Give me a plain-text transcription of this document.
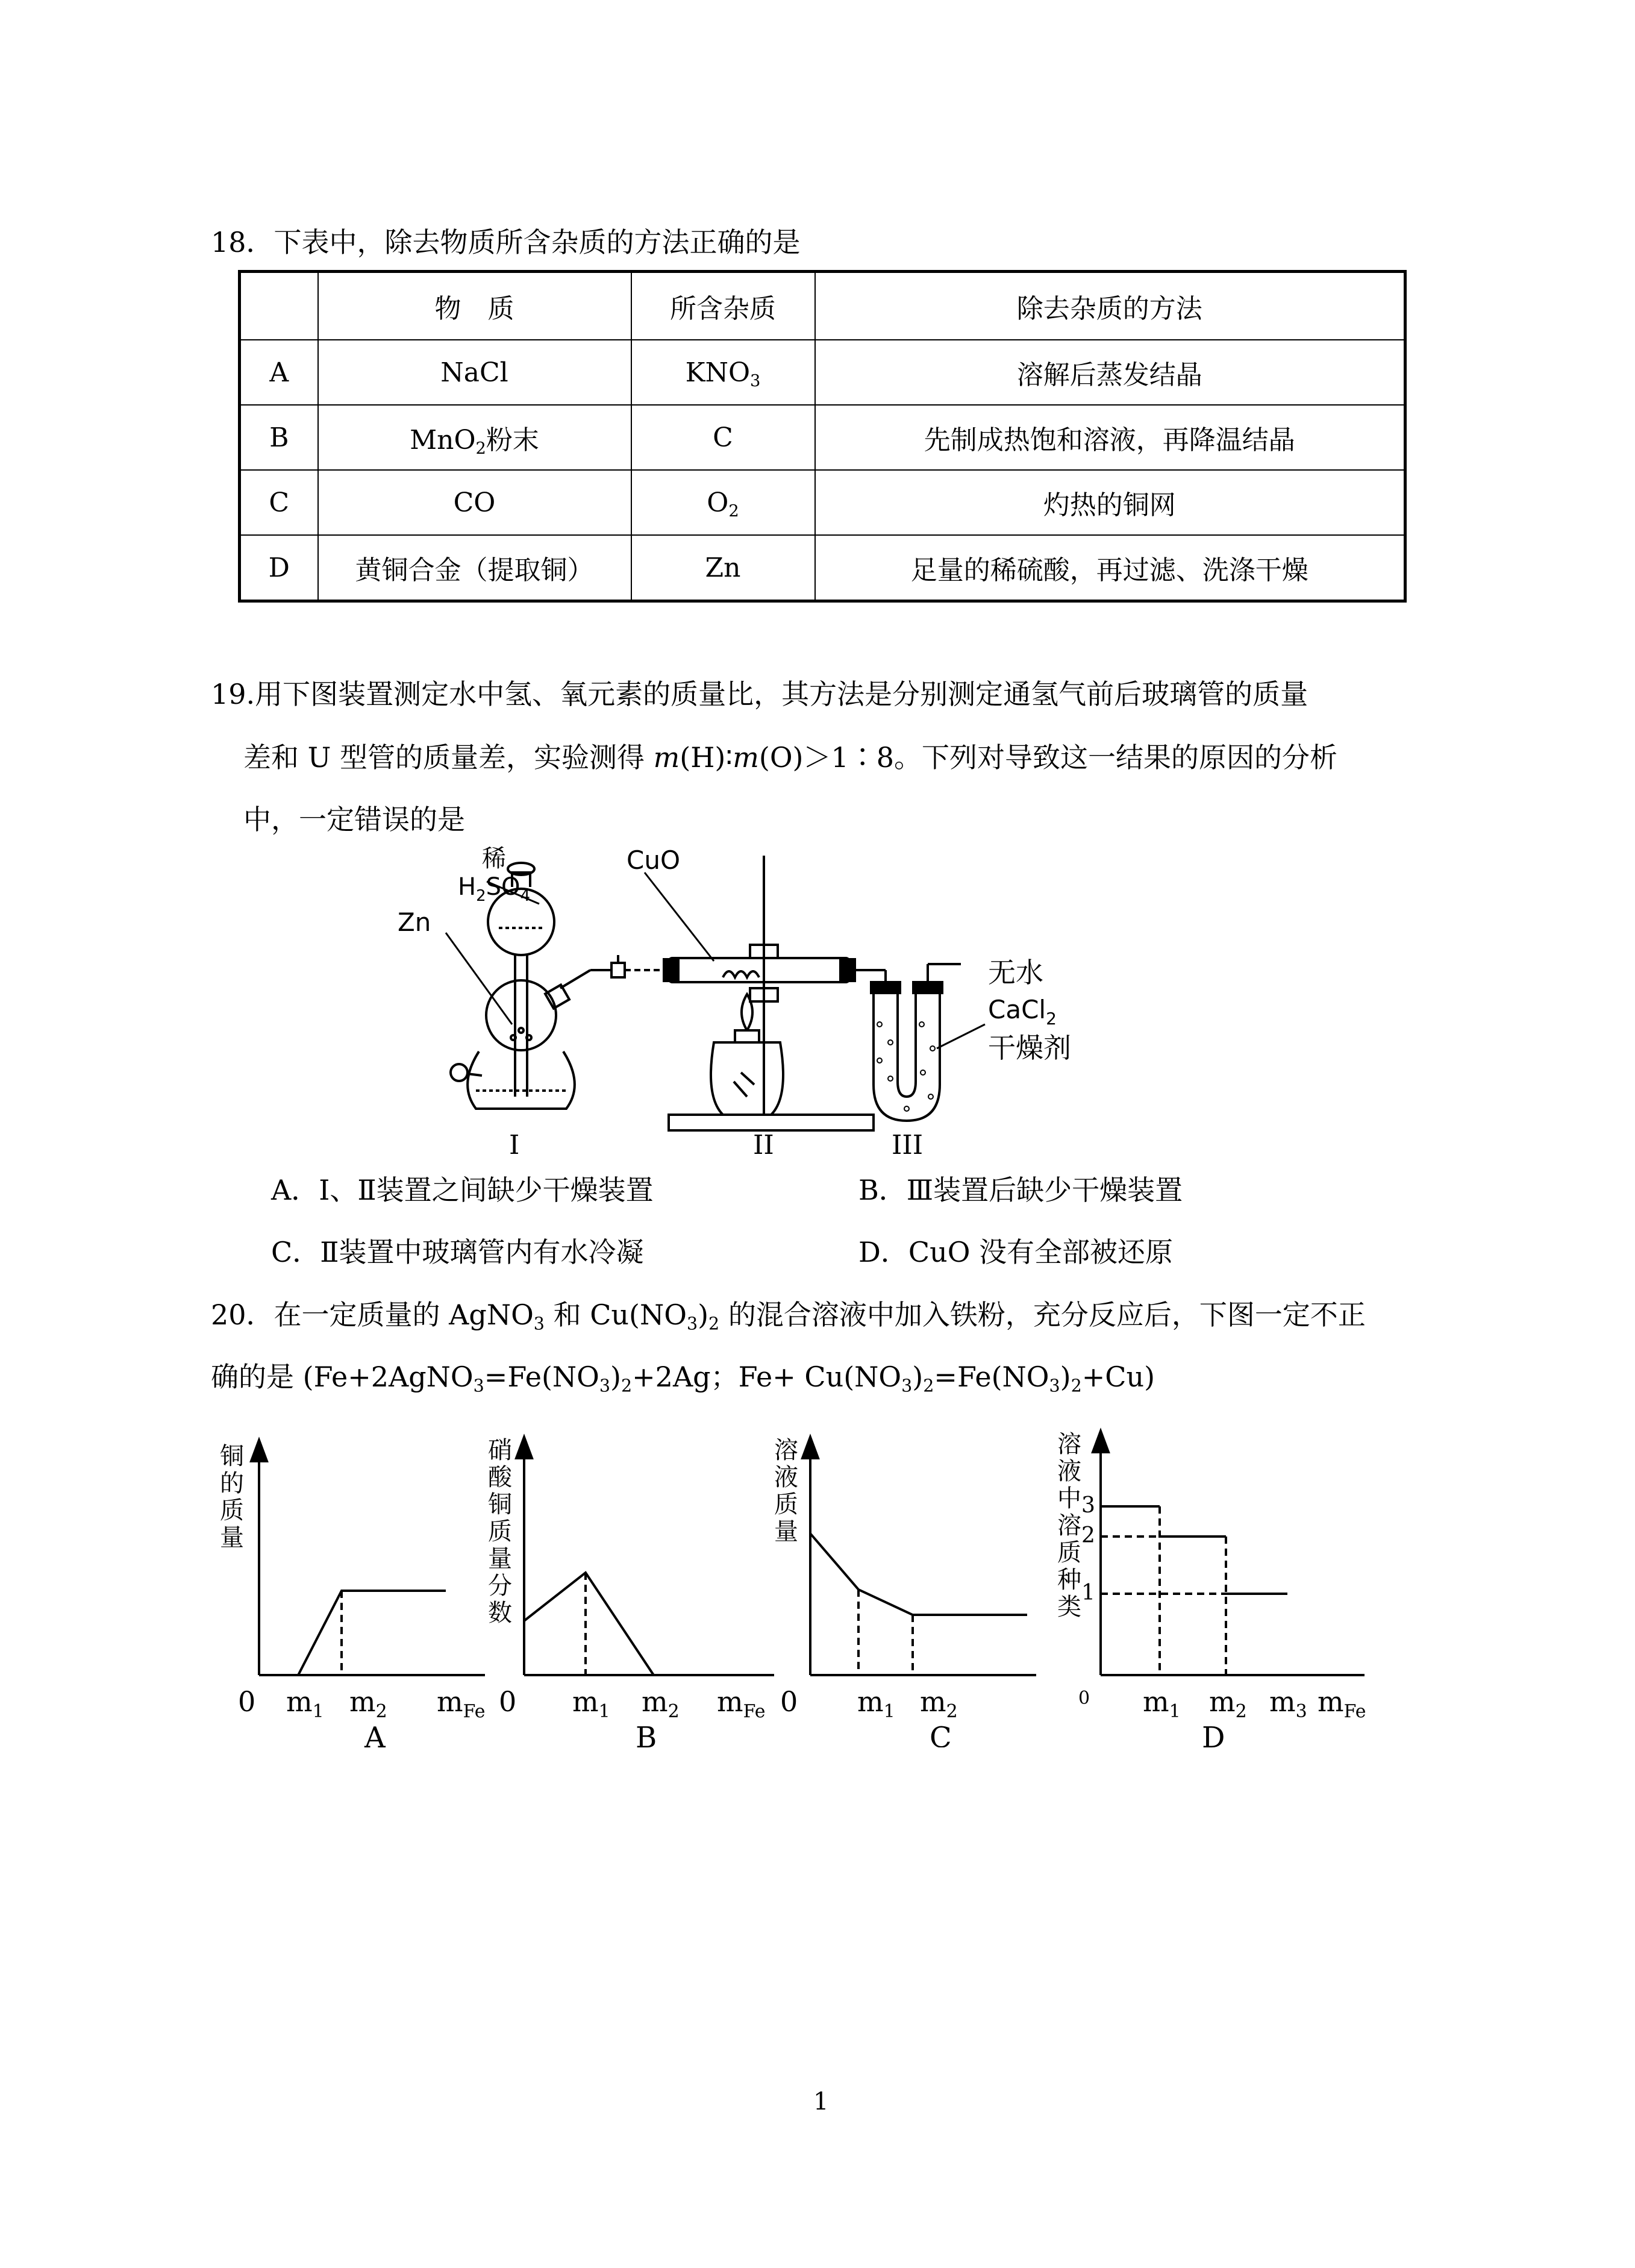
18．下表中，除去物质所含杂质的方法正确的是
	物　质	所含杂质	除去杂质的方法
A	NaCl	$KNO_3$	溶解后蒸发结晶
B	MnO$_2$粉末	C	先制成热饱和溶液，再降温结晶
C	CO	$O_2$	灼热的铜网
D	黄铜合金（提取铜）	Zn	足量的稀硫酸，再过滤、洗涤干燥
19.用下图装置测定水中氢、氧元素的质量比，其方法是分别测定通氢气前后玻璃管的质量
差和 U 型管的质量差，实验测得 m(H)∶m(O)＞1∶8。下列对导致这一结果的原因的分析
中，一定错误的是
稀
$H_2SO_4$
Zn
CuO
无水
CaCl$_2$
干燥剂
I	II	III
A．Ⅰ、Ⅱ装置之间缺少干燥装置	B．Ⅲ装置后缺少干燥装置
C．Ⅱ装置中玻璃管内有水冷凝	D．CuO 没有全部被还原
20．在一定质量的 AgNO$_3$ 和 $Cu(NO_3)_2$ 的混合溶液中加入铁粉，充分反应后，下图一定不正
确的是 ($Fe+2AgNO_3=Fe(NO_3)_2+2Ag$；$Fe+ Cu(NO_3)_2=Fe(NO_3)_2+Cu$)
铜
的
质
量
0 $m_1$ $m_2$ $m_{Fe}$
A
硝
酸
铜
质
量
分
数
0 $m_1$ $m_2$ $m_{Fe}$
B
溶
液
质
量
0 $m_1$ $m_2$
C
溶
液
中
溶
质
种
类
3
2
1
0 $m_1$ $m_2$ $m_3$ $m_{Fe}$
D
1
